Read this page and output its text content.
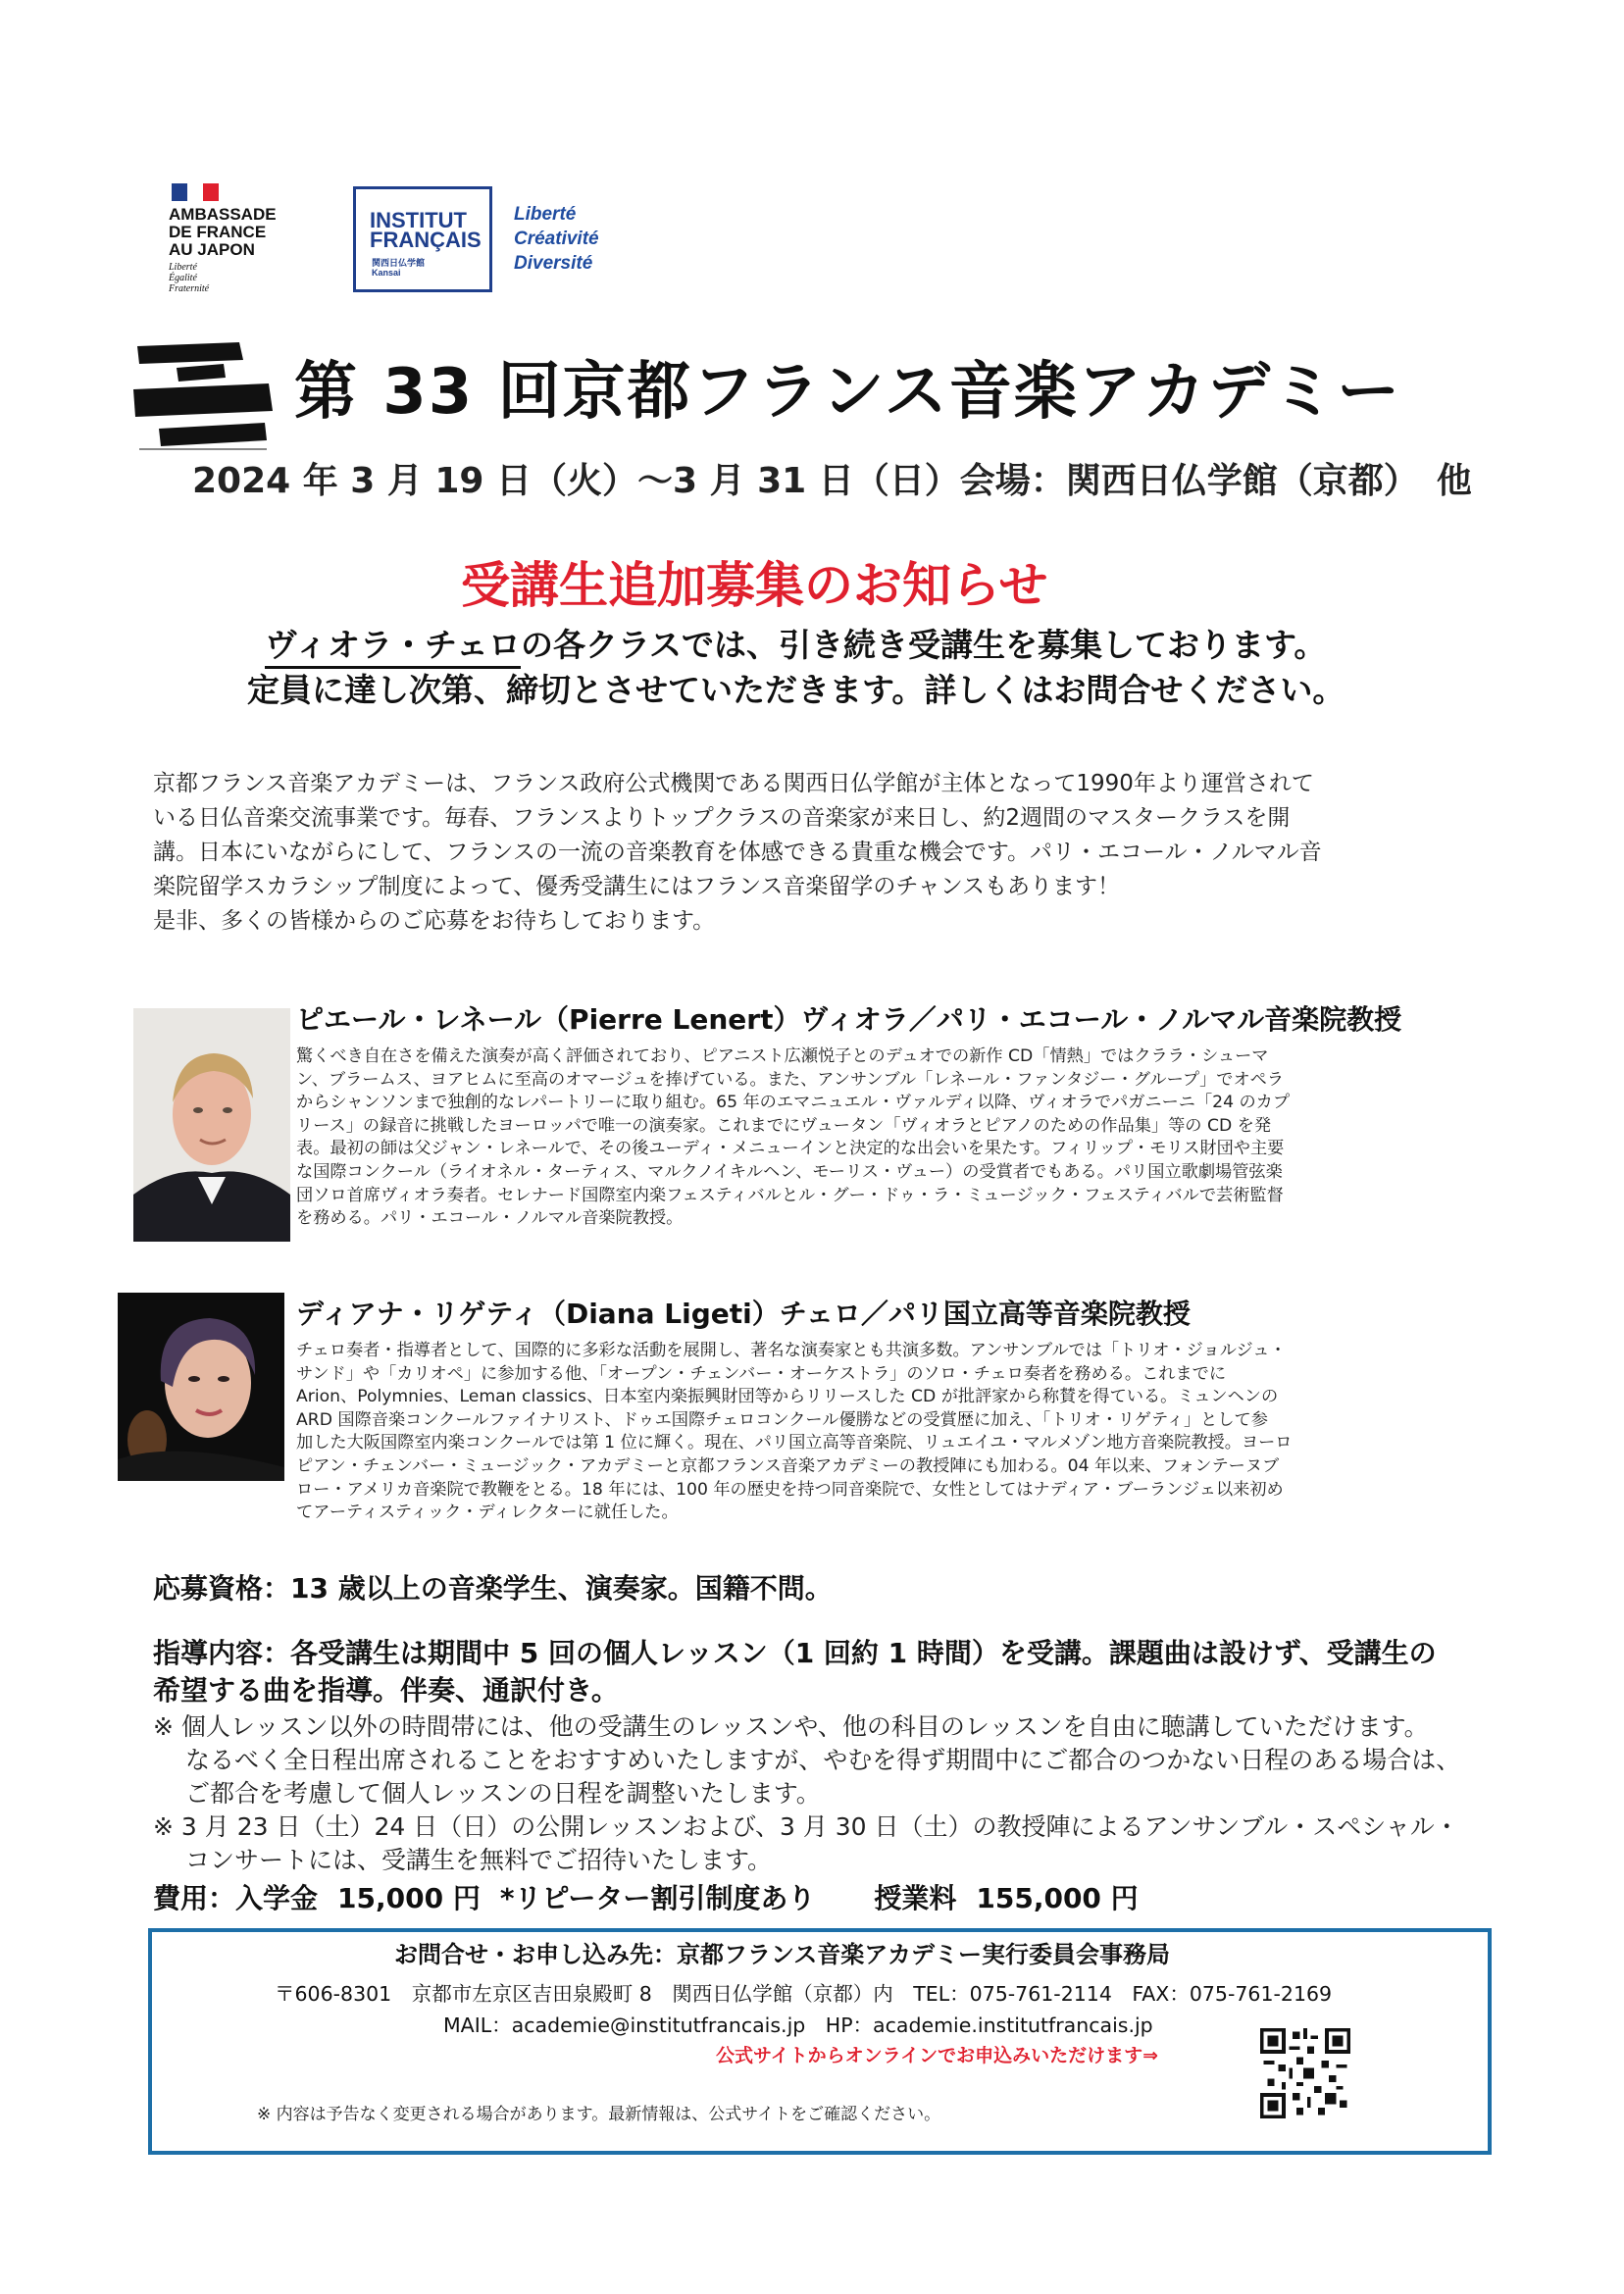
AMBASSADE
DE FRANCE
AU JAPON
Liberté
Égalité
Fraternité
INSTITUT
FRANÇAIS
関西日仏学館
Kansai
Liberté
Créativité
Diversité
第 33 回京都フランス音楽アカデミー
2024 年 3 月 19 日（火）～3 月 31 日（日）会場：関西日仏学館（京都）　他
受講生追加募集のお知らせ
ヴィオラ・チェロの各クラスでは、引き続き受講生を募集しております。
定員に達し次第、締切とさせていただきます。詳しくはお問合せください。
京都フランス音楽アカデミーは、フランス政府公式機関である関西日仏学館が主体となって1990年より運営されて
いる日仏音楽交流事業です。毎春、フランスよりトップクラスの音楽家が来日し、約2週間のマスタークラスを開
講。日本にいながらにして、フランスの一流の音楽教育を体感できる貴重な機会です。パリ・エコール・ノルマル音
楽院留学スカラシップ制度によって、優秀受講生にはフランス音楽留学のチャンスもあります！
是非、多くの皆様からのご応募をお待ちしております。
ピエール・レネール（Pierre Lenert）ヴィオラ／パリ・エコール・ノルマル音楽院教授
驚くべき自在さを備えた演奏が高く評価されており、ピアニスト広瀬悦子とのデュオでの新作 CD「情熱」ではクララ・シューマ
ン、ブラームス、ヨアヒムに至高のオマージュを捧げている。また、アンサンブル「レネール・ファンタジー・グループ」でオペラ
からシャンソンまで独創的なレパートリーに取り組む。65 年のエマニュエル・ヴァルディ以降、ヴィオラでパガニーニ「24 のカプ
リース」の録音に挑戦したヨーロッパで唯一の演奏家。これまでにヴュータン「ヴィオラとピアノのための作品集」等の CD を発
表。最初の師は父ジャン・レネールで、その後ユーディ・メニューインと決定的な出会いを果たす。フィリップ・モリス財団や主要
な国際コンクール（ライオネル・ターティス、マルクノイキルヘン、モーリス・ヴュー）の受賞者でもある。パリ国立歌劇場管弦楽
団ソロ首席ヴィオラ奏者。セレナード国際室内楽フェスティバルとル・グー・ドゥ・ラ・ミュージック・フェスティバルで芸術監督
を務める。パリ・エコール・ノルマル音楽院教授。
ディアナ・リゲティ（Diana Ligeti）チェロ／パリ国立高等音楽院教授
チェロ奏者・指導者として、国際的に多彩な活動を展開し、著名な演奏家とも共演多数。アンサンブルでは「トリオ・ジョルジュ・
サンド」や「カリオペ」に参加する他、「オープン・チェンバー・オーケストラ」のソロ・チェロ奏者を務める。これまでに
Arion、Polymnies、Leman classics、日本室内楽振興財団等からリリースした CD が批評家から称賛を得ている。ミュンヘンの
ARD 国際音楽コンクールファイナリスト、ドゥエ国際チェロコンクール優勝などの受賞歴に加え、「トリオ・リゲティ」として参
加した大阪国際室内楽コンクールでは第 1 位に輝く。現在、パリ国立高等音楽院、リュエイユ・マルメゾン地方音楽院教授。ヨーロ
ピアン・チェンバー・ミュージック・アカデミーと京都フランス音楽アカデミーの教授陣にも加わる。04 年以来、フォンテーヌブ
ロー・アメリカ音楽院で教鞭をとる。18 年には、100 年の歴史を持つ同音楽院で、女性としてはナディア・ブーランジェ以来初め
てアーティスティック・ディレクターに就任した。
応募資格：13 歳以上の音楽学生、演奏家。国籍不問。
指導内容：各受講生は期間中 5 回の個人レッスン（1 回約 1 時間）を受講。課題曲は設けず、受講生の
希望する曲を指導。伴奏、通訳付き。
※ 個人レッスン以外の時間帯には、他の受講生のレッスンや、他の科目のレッスンを自由に聴講していただけます。
　 なるべく全日程出席されることをおすすめいたしますが、やむを得ず期間中にご都合のつかない日程のある場合は、
　 ご都合を考慮して個人レッスンの日程を調整いたします。
※ 3 月 23 日（土）24 日（日）の公開レッスンおよび、3 月 30 日（土）の教授陣によるアンサンブル・スペシャル・
　 コンサートには、受講生を無料でご招待いたします。
費用：入学金 15,000 円 *リピーター割引制度あり 授業料 155,000 円
お問合せ・お申し込み先：京都フランス音楽アカデミー実行委員会事務局
〒606-8301　京都市左京区吉田泉殿町 8　関西日仏学館（京都）内　TEL：075-761-2114　FAX：075-761-2169
MAIL：academie@institutfrancais.jp　HP：academie.institutfrancais.jp
公式サイトからオンラインでお申込みいただけます⇒
※ 内容は予告なく変更される場合があります。最新情報は、公式サイトをご確認ください。
